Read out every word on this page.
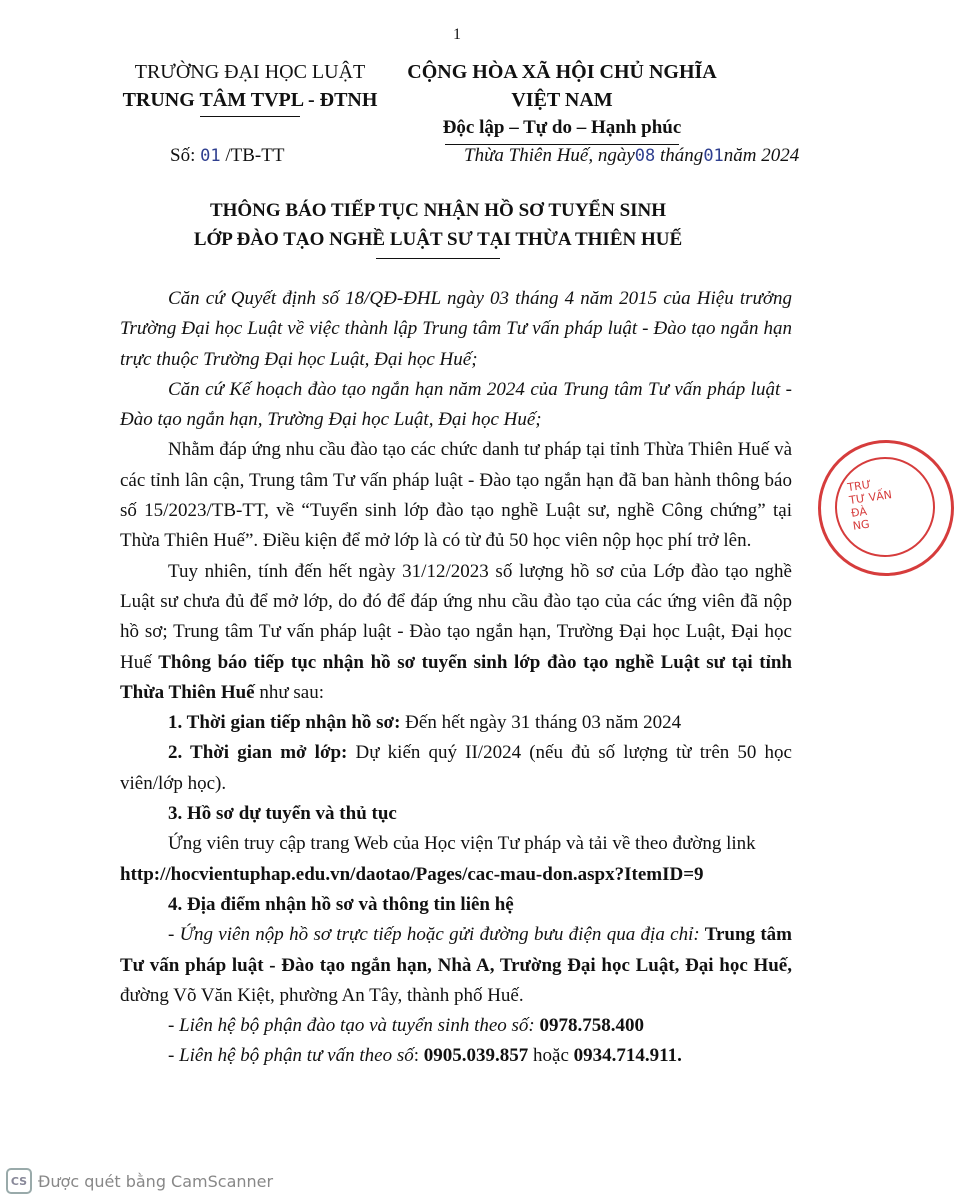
1
TRƯỜNG ĐẠI HỌC LUẬT
TRUNG TÂM TVPL - ĐTNH
CỘNG HÒA XÃ HỘI CHỦ NGHĨA VIỆT NAM
Độc lập – Tự do – Hạnh phúc
Số: 01 /TB-TT	Thừa Thiên Huế, ngày08 tháng01năm 2024
THÔNG BÁO TIẾP TỤC NHẬN HỒ SƠ TUYỂN SINH
LỚP ĐÀO TẠO NGHỀ LUẬT SƯ TẠI THỪA THIÊN HUẾ

Căn cứ Quyết định số 18/QĐ-ĐHL ngày 03 tháng 4 năm 2015 của Hiệu trưởng Trường Đại học Luật về việc thành lập Trung tâm Tư vấn pháp luật - Đào tạo ngắn hạn trực thuộc Trường Đại học Luật, Đại học Huế;

Căn cứ Kế hoạch đào tạo ngắn hạn năm 2024 của Trung tâm Tư vấn pháp luật - Đào tạo ngắn hạn, Trường Đại học Luật, Đại học Huế;

Nhằm đáp ứng nhu cầu đào tạo các chức danh tư pháp tại tỉnh Thừa Thiên Huế và các tỉnh lân cận, Trung tâm Tư vấn pháp luật - Đào tạo ngắn hạn đã ban hành thông báo số 15/2023/TB-TT, về “Tuyển sinh lớp đào tạo nghề Luật sư, nghề Công chứng” tại Thừa Thiên Huế”. Điều kiện để mở lớp là có từ đủ 50 học viên nộp học phí trở lên.

Tuy nhiên, tính đến hết ngày 31/12/2023 số lượng hồ sơ của Lớp đào tạo nghề Luật sư chưa đủ để mở lớp, do đó để đáp ứng nhu cầu đào tạo của các ứng viên đã nộp hồ sơ; Trung tâm Tư vấn pháp luật - Đào tạo ngắn hạn, Trường Đại học Luật, Đại học Huế Thông báo tiếp tục nhận hồ sơ tuyển sinh lớp đào tạo nghề Luật sư tại tỉnh Thừa Thiên Huế như sau:

1. Thời gian tiếp nhận hồ sơ: Đến hết ngày 31 tháng 03 năm 2024

2. Thời gian mở lớp: Dự kiến quý II/2024 (nếu đủ số lượng từ trên 50 học viên/lớp học).

3. Hồ sơ dự tuyển và thủ tục

Ứng viên truy cập trang Web của Học viện Tư pháp và tải về theo đường link

http://hocvientuphap.edu.vn/daotao/Pages/cac-mau-don.aspx?ItemID=9

4. Địa điểm nhận hồ sơ và thông tin liên hệ

- Ứng viên nộp hồ sơ trực tiếp hoặc gửi đường bưu điện qua địa chỉ: Trung tâm Tư vấn pháp luật - Đào tạo ngắn hạn, Nhà A, Trường Đại học Luật, Đại học Huế, đường Võ Văn Kiệt, phường An Tây, thành phố Huế.

- Liên hệ bộ phận đào tạo và tuyển sinh theo số: 0978.758.400

- Liên hệ bộ phận tư vấn theo số: 0905.039.857 hoặc 0934.714.911.

TRƯ
TƯ VẤN
ĐÀ
NG
CS Được quét bằng CamScanner
